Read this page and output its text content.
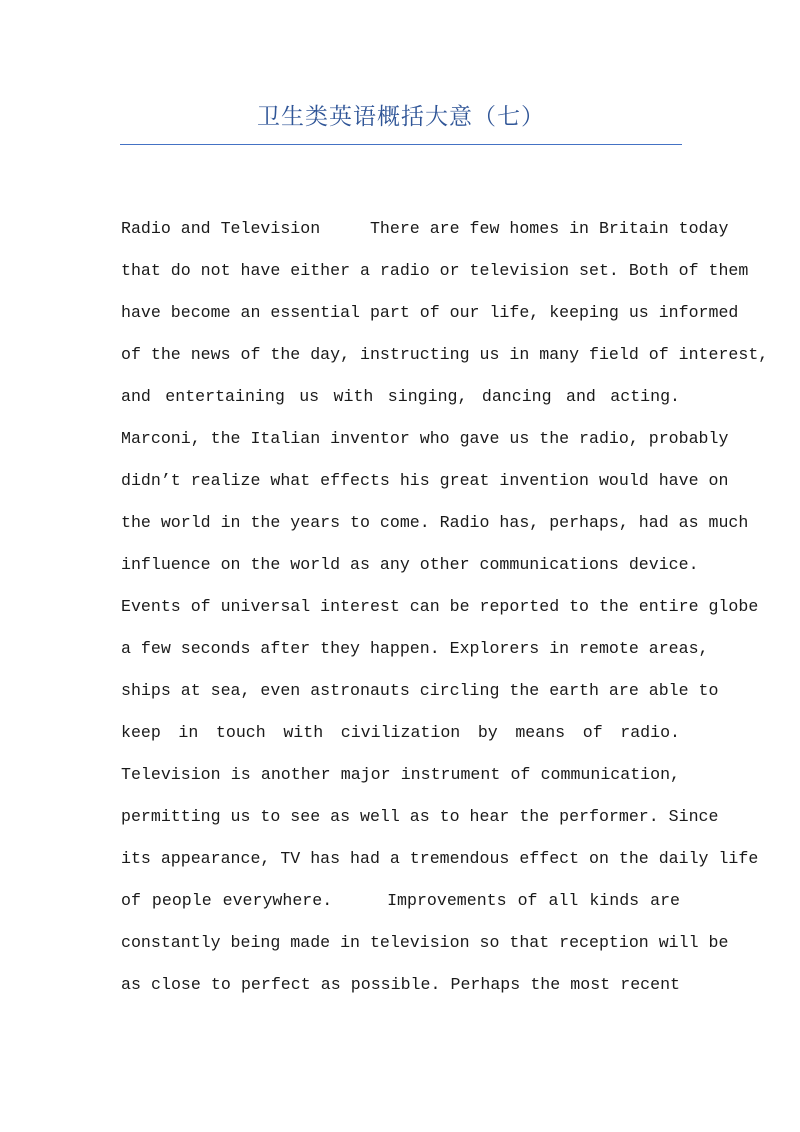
卫生类英语概括大意（七）
Radio and Television     There are few homes in Britain today
that do not have either a radio or television set. Both of them
have become an essential part of our life, keeping us informed
of the news of the day, instructing us in many field of interest,
and entertaining us with singing, dancing and acting.
Marconi, the Italian inventor who gave us the radio, probably
didn’t realize what effects his great invention would have on
the world in the years to come. Radio has, perhaps, had as much
influence on the world as any other communications device.
Events of universal interest can be reported to the entire globe
a few seconds after they happen. Explorers in remote areas,
ships at sea, even astronauts circling the earth are able to
keep in touch with civilization by means of radio.
Television is another major instrument of communication,
permitting us to see as well as to hear the performer. Since
its appearance, TV has had a tremendous effect on the daily life
of people everywhere.     Improvements of all kinds are
constantly being made in television so that reception will be
as close to perfect as possible. Perhaps the most recent
